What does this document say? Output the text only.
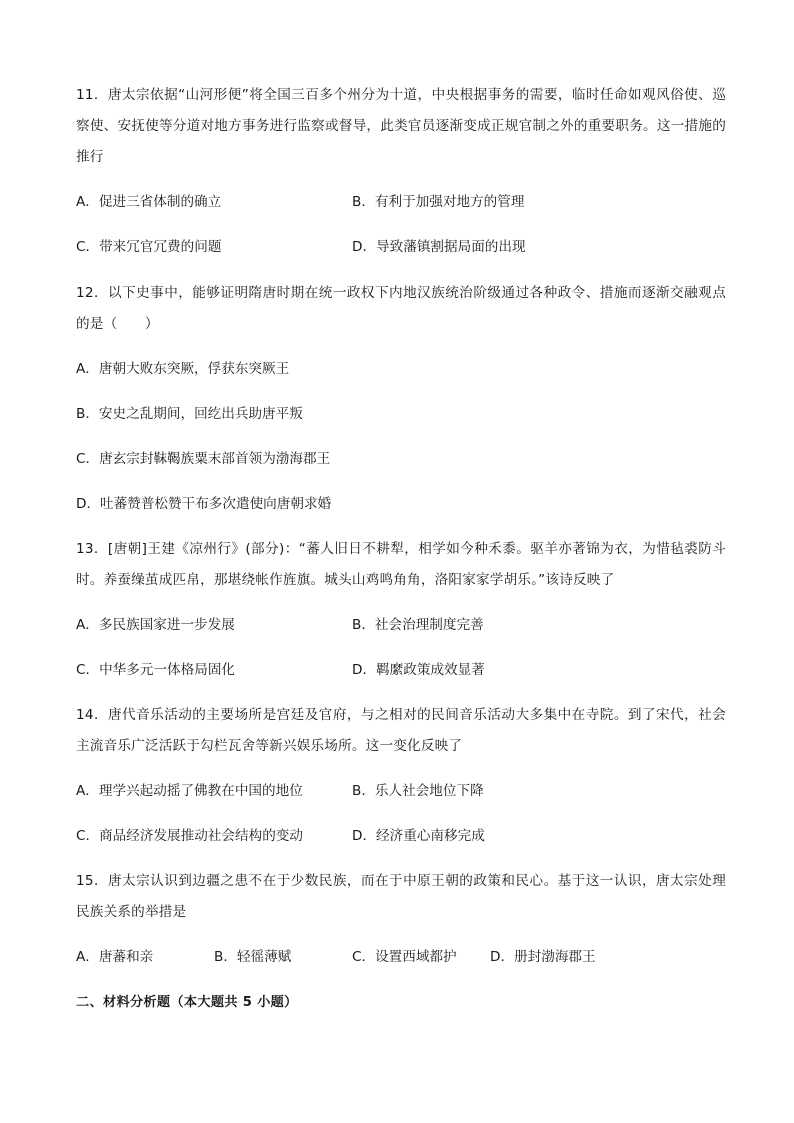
11．唐太宗依据“山河形便”将全国三百多个州分为十道，中央根据事务的需要，临时任命如观风俗使、巡察使、安抚使等分道对地方事务进行监察或督导，此类官员逐渐变成正规官制之外的重要职务。这一措施的推行

A．促进三省体制的确立	B．有利于加强对地方的管理
C．带来冗官冗费的问题	D．导致藩镇割据局面的出现

12．以下史事中，能够证明隋唐时期在统一政权下内地汉族统治阶级通过各种政令、措施而逐渐交融观点的是（　　）

A．唐朝大败东突厥，俘获东突厥王
B．安史之乱期间，回纥出兵助唐平叛
C．唐玄宗封靺鞨族粟末部首领为渤海郡王
D．吐蕃赞普松赞干布多次遣使向唐朝求婚

13．[唐朝]王建《凉州行》(部分)：“蕃人旧日不耕犁，相学如今种禾黍。驱羊亦著锦为衣，为惜毡裘防斗时。养蚕缲茧成匹帛，那堪绕帐作旌旗。城头山鸡鸣角角，洛阳家家学胡乐。”该诗反映了

A．多民族国家进一步发展	B．社会治理制度完善
C．中华多元一体格局固化	D．羁縻政策成效显著

14．唐代音乐活动的主要场所是宫廷及官府，与之相对的民间音乐活动大多集中在寺院。到了宋代，社会主流音乐广泛活跃于勾栏瓦舍等新兴娱乐场所。这一变化反映了

A．理学兴起动摇了佛教在中国的地位	B．乐人社会地位下降
C．商品经济发展推动社会结构的变动	D．经济重心南移完成

15．唐太宗认识到边疆之患不在于少数民族，而在于中原王朝的政策和民心。基于这一认识，唐太宗处理民族关系的举措是

A．唐蕃和亲	B．轻徭薄赋	C．设置西域都护	D．册封渤海郡王
二、材料分析题（本大题共 5 小题）
